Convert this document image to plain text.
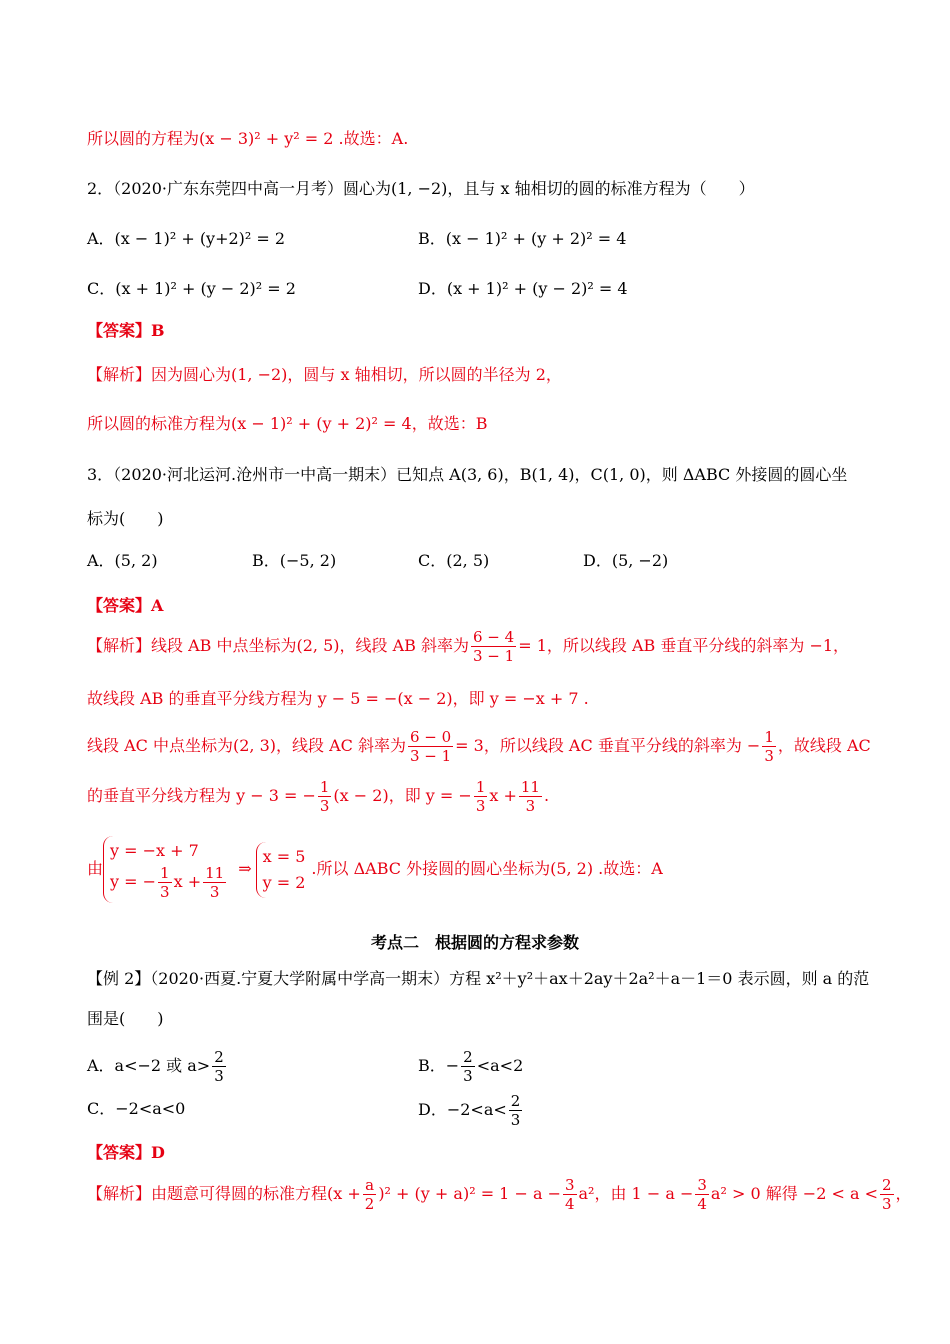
所以圆的方程为(x − 3)² + y² = 2 .故选：A.
2．（2020·广东东莞四中高一月考）圆心为(1, −2)，且与 x 轴相切的圆的标准方程为（　　）
A．(x − 1)² + (y+2)² = 2	B．(x − 1)² + (y + 2)² = 4
C．(x + 1)² + (y − 2)² = 2	D．(x + 1)² + (y − 2)² = 4
【答案】B
【解析】因为圆心为(1, −2)，圆与 x 轴相切，所以圆的半径为 2，
所以圆的标准方程为(x − 1)² + (y + 2)² = 4，故选：B
3．（2020·河北运河.沧州市一中高一期末）已知点 A(3, 6)，B(1, 4)，C(1, 0)，则 ΔABC 外接圆的圆心坐
标为(　　)
A．(5, 2)	B．(−5, 2)	C．(2, 5)	D．(5, −2)
【答案】A
【解析】线段 AB 中点坐标为(2, 5)，线段 AB 斜率为 $\frac{6 - 4}{3 - 1} = 1$，所以线段 AB 垂直平分线的斜率为 −1，
故线段 AB 的垂直平分线方程为 y − 5 = −(x − 2)，即 y = −x + 7 .
线段 AC 中点坐标为(2, 3)，线段 AC 斜率为 $\frac{6 - 0}{3 - 1} = 3$，所以线段 AC 垂直平分线的斜率为 − $\frac{1}{3}$ ，故线段 AC
的垂直平分线方程为 y − 3 = − $\frac{1}{3} (x - 2)$，即 y = − $\frac{1}{3}$ $x + \frac{11}{3}$ .
由
y = −x + 7
y = − $\frac{1}{3}$ $x + \frac{11}{3}$ ⇒
x = 5
y = 2
.所以 ΔABC 外接圆的圆心坐标为(5, 2) .故选：A
考点二　根据圆的方程求参数
【例 2】（2020·西夏.宁夏大学附属中学高一期末）方程 x²＋y²＋ax＋2ay＋2a²＋a－1＝0 表示圆，则 a 的范
围是(　　)
A．a<−2 或 $a> \frac{2}{3}$	B．− $\frac{2}{3} <a<2$
C．−2<a<0	D．$-2<a< \frac{2}{3}$
【答案】D
【解析】由题意可得圆的标准方程$(x + \frac{a}{2} )^2 + (y + a)^2 = 1 - a - \frac{3}{4} a^2$，由 $1 - a - \frac{3}{4} a^2 > 0$ 解得 $-2 < a < \frac{2}{3}$ ，
